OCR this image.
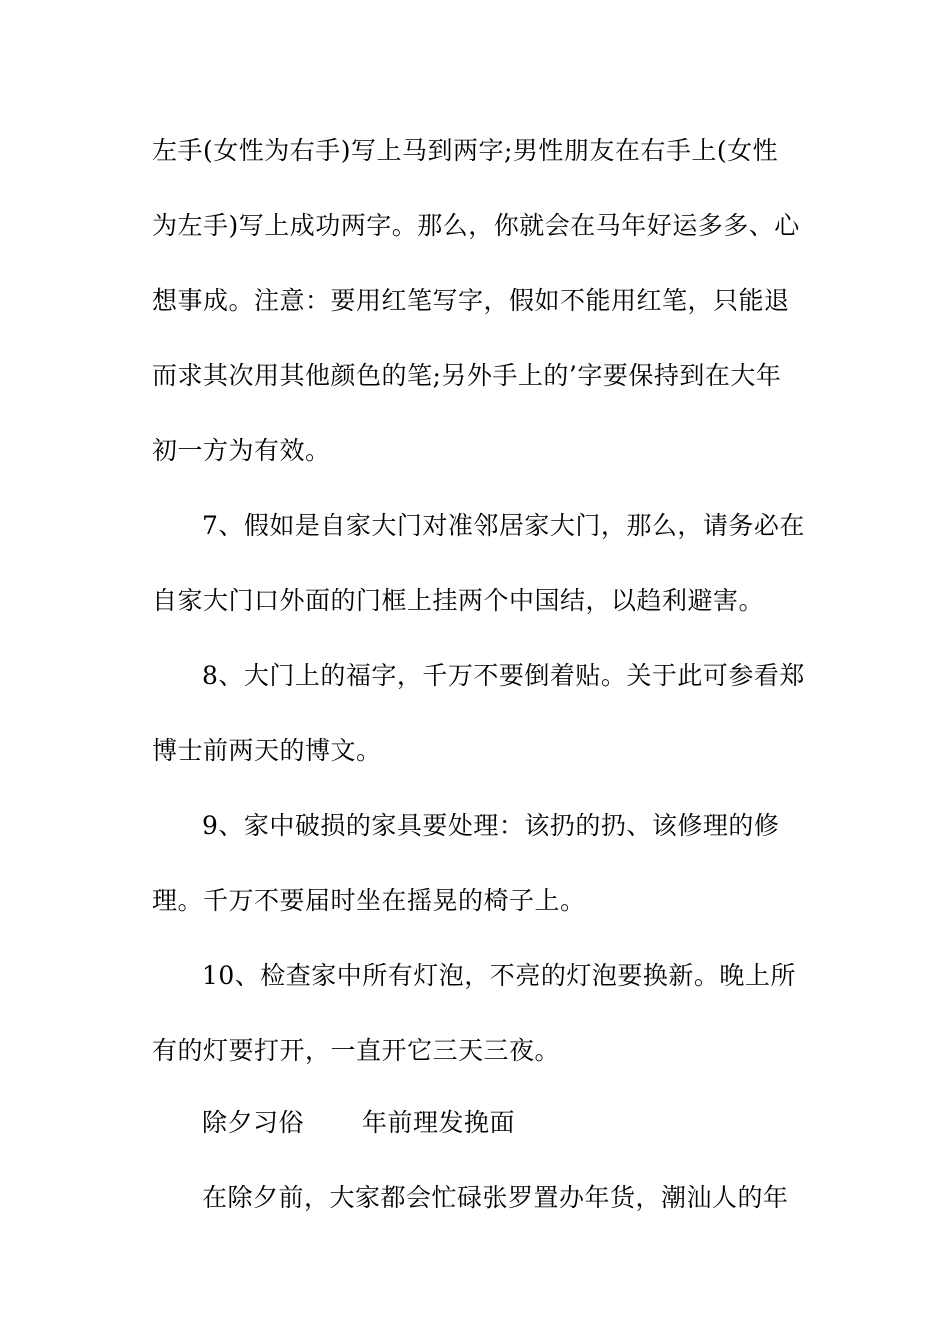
左手(女性为右手)写上马到两字;男性朋友在右手上(女性
为左手)写上成功两字。那么，你就会在马年好运多多、心
想事成。注意：要用红笔写字，假如不能用红笔，只能退
而求其次用其他颜色的笔;另外手上的’字要保持到在大年
初一方为有效。
7、假如是自家大门对准邻居家大门，那么，请务必在
自家大门口外面的门框上挂两个中国结，以趋利避害。
8、大门上的福字，千万不要倒着贴。关于此可参看郑
博士前两天的博文。
9、家中破损的家具要处理：该扔的扔、该修理的修
理。千万不要届时坐在摇晃的椅子上。
10、检查家中所有灯泡，不亮的灯泡要换新。晚上所
有的灯要打开，一直开它三天三夜。
除夕习俗 年前理发挽面
在除夕前，大家都会忙碌张罗置办年货，潮汕人的年
